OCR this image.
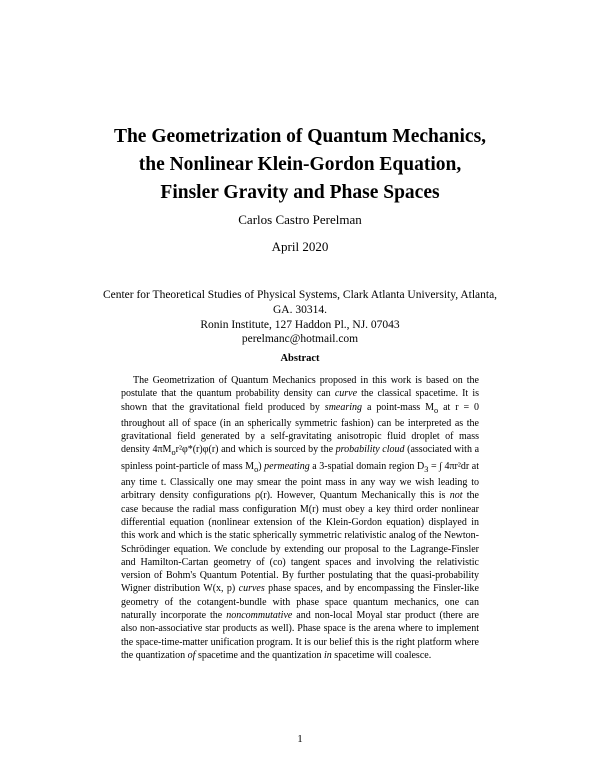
The Geometrization of Quantum Mechanics,
the Nonlinear Klein-Gordon Equation,
Finsler Gravity and Phase Spaces
Carlos Castro Perelman
April 2020
Center for Theoretical Studies of Physical Systems, Clark Atlanta University, Atlanta,
GA. 30314.
Ronin Institute, 127 Haddon Pl., NJ. 07043
perelmanc@hotmail.com
Abstract
The Geometrization of Quantum Mechanics proposed in this work is based on the postulate that the quantum probability density can curve the classical spacetime. It is shown that the gravitational field produced by smearing a point-mass $M_o$ at r = 0 throughout all of space (in an spherically symmetric fashion) can be interpreted as the gravitational field generated by a self-gravitating anisotropic fluid droplet of mass density $4\pi M_or^2\varphi*(r)\varphi(r)$ and which is sourced by the probability cloud (associated with a spinless point-particle of mass $M_o$) permeating a 3-spatial domain region $D_3$ = ∫ 4πr²dr at any time t. Classically one may smear the point mass in any way we wish leading to arbitrary density configurations ρ(r). However, Quantum Mechanically this is not the case because the radial mass configuration M(r) must obey a key third order nonlinear differential equation (nonlinear extension of the Klein-Gordon equation) displayed in this work and which is the static spherically symmetric relativistic analog of the Newton-Schrödinger equation. We conclude by extending our proposal to the Lagrange-Finsler and Hamilton-Cartan geometry of (co) tangent spaces and involving the relativistic version of Bohm's Quantum Potential. By further postulating that the quasi-probability Wigner distribution W(x, p) curves phase spaces, and by encompassing the Finsler-like geometry of the cotangent-bundle with phase space quantum mechanics, one can naturally incorporate the noncommutative and non-local Moyal star product (there are also non-associative star products as well). Phase space is the arena where to implement the space-time-matter unification program. It is our belief this is the right platform where the quantization of spacetime and the quantization in spacetime will coalesce.
1
